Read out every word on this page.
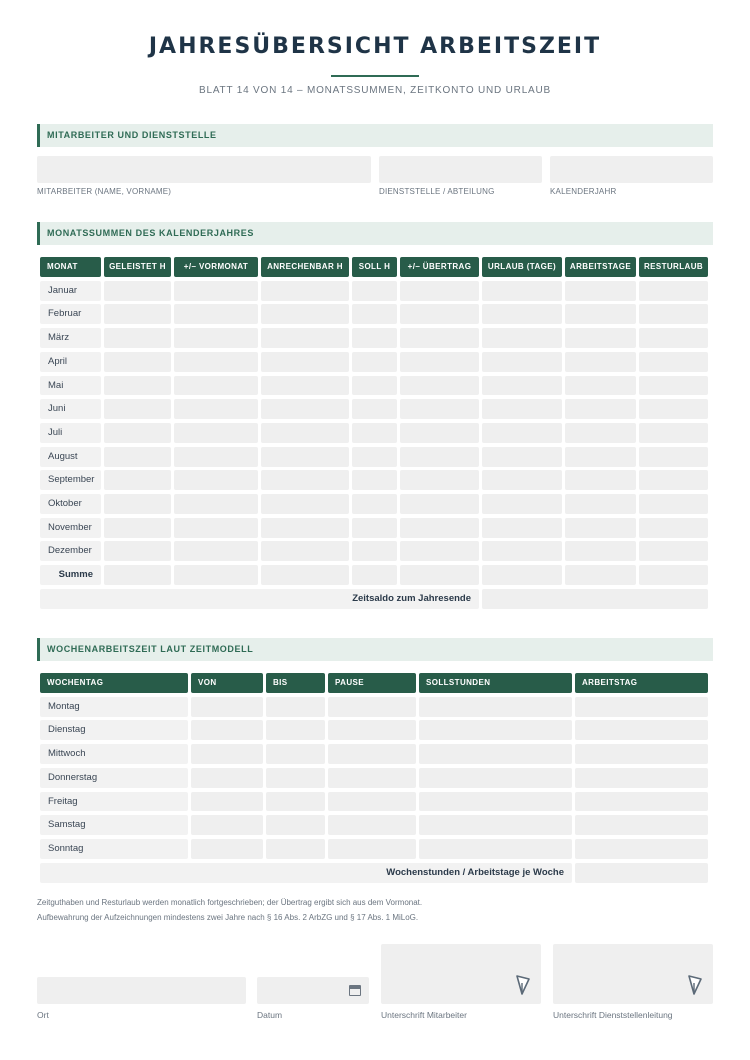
JAHRESÜBERSICHT ARBEITSZEIT
BLATT 14 VON 14 – MONATSSUMMEN, ZEITKONTO UND URLAUB
MITARBEITER UND DIENSTSTELLE
MITARBEITER (NAME, VORNAME)	DIENSTSTELLE / ABTEILUNG	KALENDERJAHR
MONATSSUMMEN DES KALENDERJAHRES
MONAT	GELEISTET H	+/– VORMONAT	ANRECHENBAR H	SOLL H	+/– ÜBERTRAG	URLAUB (TAGE)	ARBEITSTAGE	RESTURLAUB
Januar
Februar
März
April
Mai
Juni
Juli
August
September
Oktober
November
Dezember
Summe
Zeitsaldo zum Jahresende
WOCHENARBEITSZEIT LAUT ZEITMODELL
WOCHENTAG	VON	BIS	PAUSE	SOLLSTUNDEN	ARBEITSTAG
Montag
Dienstag
Mittwoch
Donnerstag
Freitag
Samstag
Sonntag
Wochenstunden / Arbeitstage je Woche
Zeitguthaben und Resturlaub werden monatlich fortgeschrieben; der Übertrag ergibt sich aus dem Vormonat.
Aufbewahrung der Aufzeichnungen mindestens zwei Jahre nach § 16 Abs. 2 ArbZG und § 17 Abs. 1 MiLoG.
Ort	Datum	Unterschrift Mitarbeiter	Unterschrift Dienststellenleitung
